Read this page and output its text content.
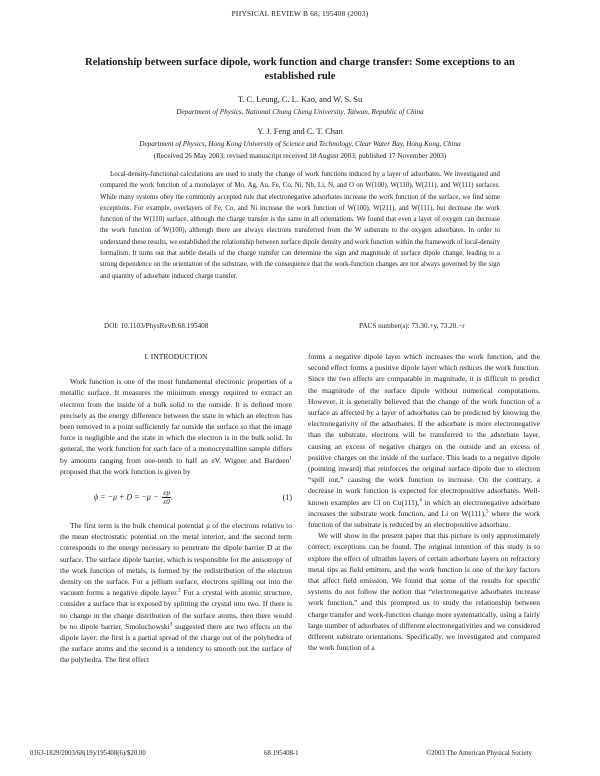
PHYSICAL REVIEW B 68, 195408 (2003)
Relationship between surface dipole, work function and charge transfer: Some exceptions to an established rule
T. C. Leung, C. L. Kao, and W. S. Su
Department of Physics, National Chung Cheng University, Taiwan, Republic of China
Y. J. Feng and C. T. Chan
Department of Physics, Hong Kong University of Science and Technology, Clear Water Bay, Hong Kong, China
(Received 26 May 2003; revised manuscript received 18 August 2003; published 17 November 2003)

Local-density-functional calculations are used to study the change of work functions induced by a layer of adsorbates. We investigated and compared the work function of a monolayer of Mo, Ag, Au, Fe, Co, Ni, Nb, Li, N, and O on W(100), W(110), W(211), and W(111) surfaces. While many systems obey the commonly accepted rule that electronegative adsorbates increase the work function of the surface, we find some exceptions. For example, overlayers of Fe, Co, and Ni increase the work function of W(100), W(211), and W(111), but decrease the work function of the W(110) surface, although the charge transfer is the same in all orientations. We found that even a layer of oxygen can decrease the work function of W(100), although there are always electrons transferred from the W substrate to the oxygen adsorbates. In order to understand these results, we established the relationship between surface dipole density and work function within the framework of local-density formalism. It turns out that subtle details of the charge transfer can determine the sign and magnitude of surface dipole change, leading to a strong dependence on the orientation of the substrate, with the consequence that the work-function changes are not always governed by the sign and quantity of adsorbate induced charge transfer.

DOI: 10.1103/PhysRevB.68.195408	PACS number(s): 73.30.+y, 73.20.−r
I. INTRODUCTION

Work function is one of the most fundamental electronic properties of a metallic surface. It measures the minimum energy required to extract an electron from the inside of a bulk solid to the outside. It is defined more precisely as the energy difference between the state in which an electron has been removed to a point sufficiently far outside the surface so that the image force is negligible and the state in which the electron is in the bulk solid. In general, the work function for each face of a monocrystalline sample differs by amounts ranging from one-tenth to half an eV. Wigner and Bardeen$^1$ proposed that the work function is given by

$\phi = -\mu + D = -\mu - \frac{ep}{\varepsilon 0}$ .	(1)

The first term is the bulk chemical potential μ of the electrons relative to the mean electrostatic potential on the metal interior, and the second term corresponds to the energy necessary to penetrate the dipole barrier D at the surface. The surface dipole barrier, which is responsible for the anisotropy of the work function of metals, is formed by the redistribution of the electron density on the surface. For a jellium surface, electrons spilling out into the vacuum forms a negative dipole layer.$^2$ For a crystal with atomic structure, consider a surface that is exposed by splitting the crystal into two. If there is no change in the charge distribution of the surface atoms, then there would be no dipole barrier. Smoluchowski$^3$ suggested there are two effects on the dipole layer: the first is a partial spread of the charge out of the polyhedra of the surface atoms and the second is a tendency to smooth out the surface of the polyhedra. The first effect

forms a negative dipole layer which increases the work function, and the second effect forms a positive dipole layer which reduces the work function. Since the two effects are comparable in magnitude, it is difficult to predict the magnitude of the surface dipole without numerical computations. However, it is generally believed that the change of the work function of a surface as affected by a layer of adsorbates can be predicted by knowing the electronegativity of the adsorbates. If the adsorbate is more electronegative than the substrate, electrons will be transferred to the adsorbate layer, causing an excess of negative charges on the outside and an excess of positive charges on the inside of the surface. This leads to a negative dipole (pointing inward) that reinforces the original surface dipole due to electron “spill out,” causing the work function to increase. On the contrary, a decrease in work function is expected for electropositive adsorbates. Well-known examples are Cl on Cu(111),$^4$ in which an electronegative adsorbate increases the substrate work function, and Li on W(111),$^5$ where the work function of the substrate is reduced by an electropositive adsorbate.

We will show in the present paper that this picture is only approximately correct; exceptions can be found. The original intention of this study is to explore the effect of ultrathin layers of certain adsorbate layers on refractory metal tips as field emitters, and the work function is one of the key factors that affect field emission. We found that some of the results for specific systems do not follow the notion that “electronegative adsorbates increase work function,” and this prompted us to study the relationship between charge transfer and work-function change more systematically, using a fairly large number of adsorbates of different electronegativities and we considered different substrate orientations. Specifically, we investigated and compared the work function of a

0163-1829/2003/68(19)/195408(6)/$20.00	68 195408-1	©2003 The American Physical Society
